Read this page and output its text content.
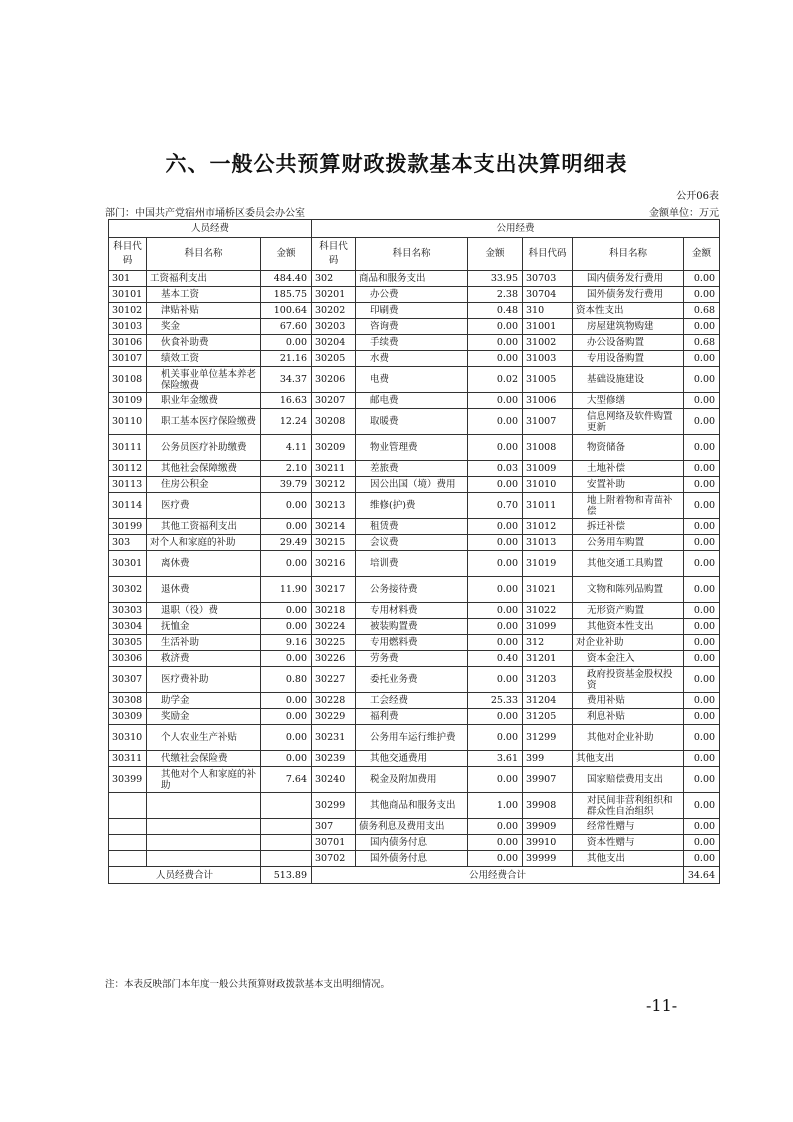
六、一般公共预算财政拨款基本支出决算明细表
公开06表
部门：中国共产党宿州市埇桥区委员会办公室	金额单位：万元
人员经费			公用经费					
科目代码	科目名称	金额	科目代码	科目名称	金额	科目代码	科目名称	金额
301	工资福利支出	484.40	302	商品和服务支出	33.95	30703	国内债务发行费用	0.00
30101	基本工资	185.75	30201	办公费	2.38	30704	国外债务发行费用	0.00
30102	津贴补贴	100.64	30202	印刷费	0.48	310	资本性支出	0.68
30103	奖金	67.60	30203	咨询费	0.00	31001	房屋建筑物购建	0.00
30106	伙食补助费	0.00	30204	手续费	0.00	31002	办公设备购置	0.68
30107	绩效工资	21.16	30205	水费	0.00	31003	专用设备购置	0.00
30108	机关事业单位基本养老保险缴费	34.37	30206	电费	0.02	31005	基础设施建设	0.00
30109	职业年金缴费	16.63	30207	邮电费	0.00	31006	大型修缮	0.00
30110	职工基本医疗保险缴费	12.24	30208	取暖费	0.00	31007	信息网络及软件购置更新	0.00
30111	公务员医疗补助缴费	4.11	30209	物业管理费	0.00	31008	物资储备	0.00
30112	其他社会保障缴费	2.10	30211	差旅费	0.03	31009	土地补偿	0.00
30113	住房公积金	39.79	30212	因公出国（境）费用	0.00	31010	安置补助	0.00
30114	医疗费	0.00	30213	维修(护)费	0.70	31011	地上附着物和青苗补偿	0.00
30199	其他工资福利支出	0.00	30214	租赁费	0.00	31012	拆迁补偿	0.00
303	对个人和家庭的补助	29.49	30215	会议费	0.00	31013	公务用车购置	0.00
30301	离休费	0.00	30216	培训费	0.00	31019	其他交通工具购置	0.00
30302	退休费	11.90	30217	公务接待费	0.00	31021	文物和陈列品购置	0.00
30303	退职（役）费	0.00	30218	专用材料费	0.00	31022	无形资产购置	0.00
30304	抚恤金	0.00	30224	被装购置费	0.00	31099	其他资本性支出	0.00
30305	生活补助	9.16	30225	专用燃料费	0.00	312	对企业补助	0.00
30306	救济费	0.00	30226	劳务费	0.40	31201	资本金注入	0.00
30307	医疗费补助	0.80	30227	委托业务费	0.00	31203	政府投资基金股权投资	0.00
30308	助学金	0.00	30228	工会经费	25.33	31204	费用补贴	0.00
30309	奖励金	0.00	30229	福利费	0.00	31205	利息补贴	0.00
30310	个人农业生产补贴	0.00	30231	公务用车运行维护费	0.00	31299	其他对企业补助	0.00
30311	代缴社会保险费	0.00	30239	其他交通费用	3.61	399	其他支出	0.00
30399	其他对个人和家庭的补助	7.64	30240	税金及附加费用	0.00	39907	国家赔偿费用支出	0.00
			30299	其他商品和服务支出	1.00	39908	对民间非营利组织和群众性自治组织	0.00
			307	债务利息及费用支出	0.00	39909	经常性赠与	0.00
			30701	国内债务付息	0.00	39910	资本性赠与	0.00
			30702	国外债务付息	0.00	39999	其他支出	0.00
人员经费合计		513.89	公用经费合计					34.64
注：本表反映部门本年度一般公共预算财政拨款基本支出明细情况。
-11-
